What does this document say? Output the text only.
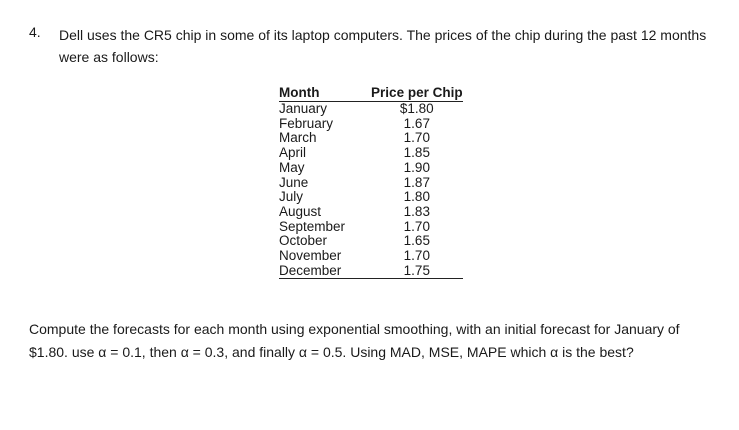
4. Dell uses the CR5 chip in some of its laptop computers. The prices of the chip during the past 12 months were as follows:
Month	Price per Chip
January	$1.80
February	1.67
March	1.70
April	1.85
May	1.90
June	1.87
July	1.80
August	1.83
September	1.70
October	1.65
November	1.70
December	1.75
Compute the forecasts for each month using exponential smoothing, with an initial forecast for January of $1.80. use α = 0.1, then α = 0.3, and finally α = 0.5. Using MAD, MSE, MAPE which α is the best?
